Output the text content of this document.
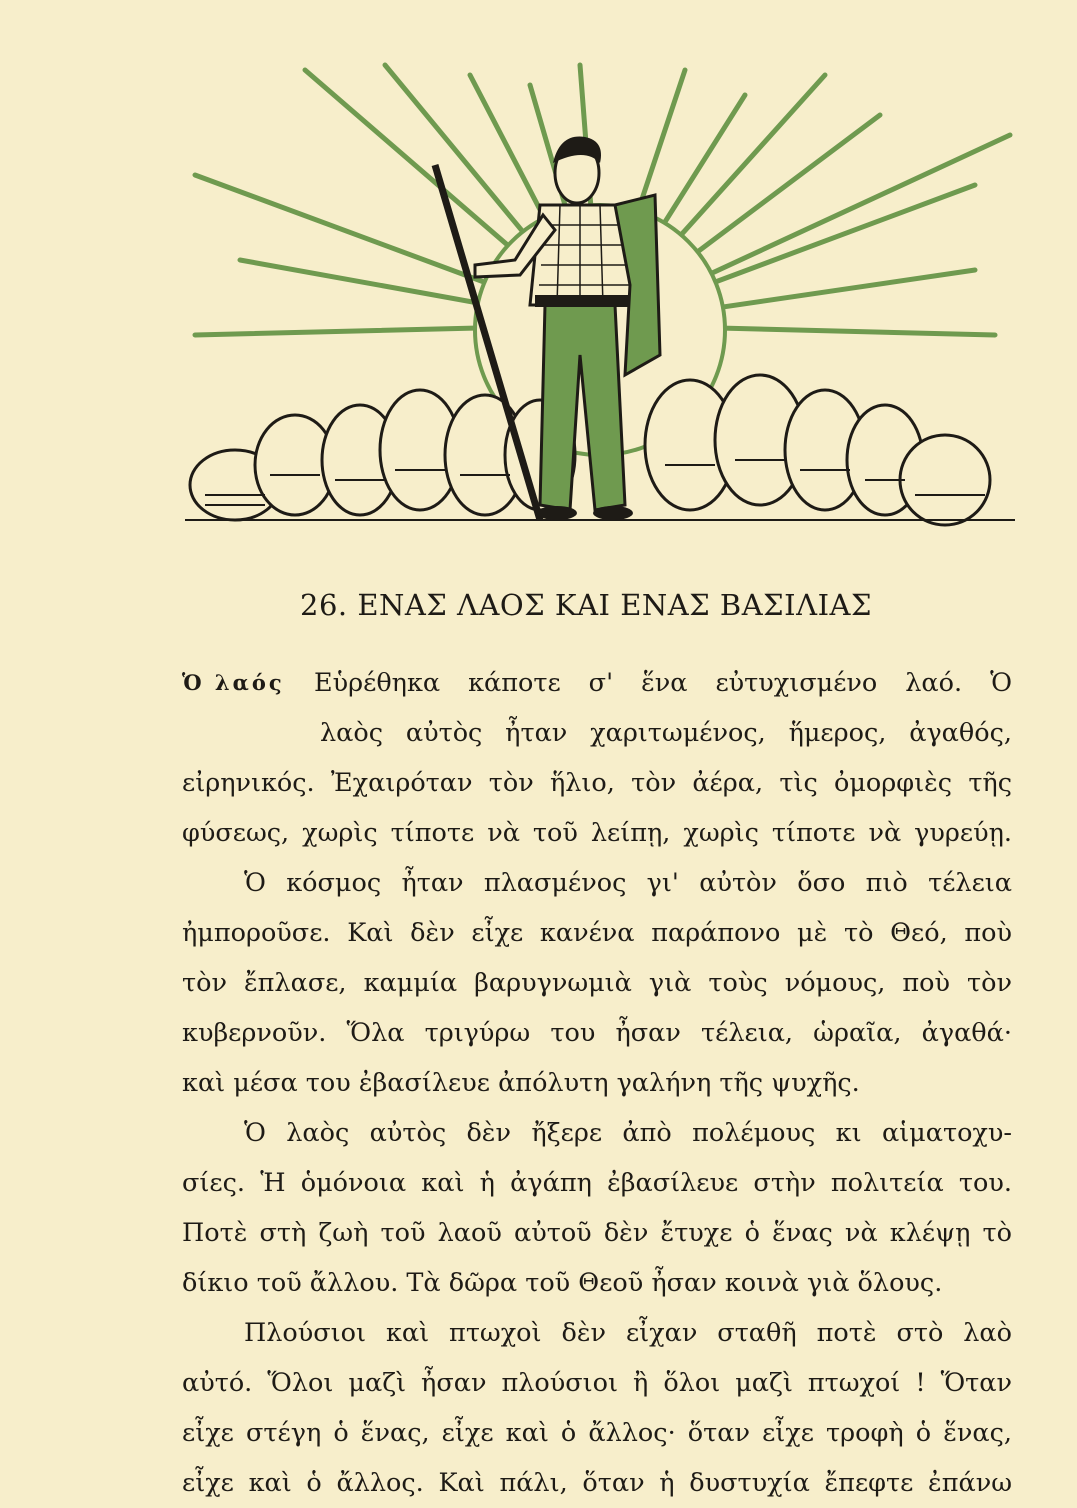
26. ΕΝΑΣ ΛΑΟΣ ΚΑΙ ΕΝΑΣ ΒΑΣΙΛΙΑΣ
Ὁ λαός	Εὑρέθηκα κάποτε σ' ἕνα εὐτυχισμένο λαό. Ὁ
λαὸς αὐτὸς ἦταν χαριτωμένος, ἥμερος, ἀγαθός,
εἰρηνικός. Ἐχαιρόταν τὸν ἥλιο, τὸν ἀέρα, τὶς ὀμορφιὲς τῆς
φύσεως, χωρὶς τίποτε νὰ τοῦ λείπῃ, χωρὶς τίποτε νὰ γυρεύῃ.
Ὁ κόσμος ἦταν πλασμένος γι' αὐτὸν ὅσο πιὸ τέλεια
ἠμποροῦσε. Καὶ δὲν εἶχε κανένα παράπονο μὲ τὸ Θεό, ποὺ
τὸν ἔπλασε, καμμία βαρυγνωμιὰ γιὰ τοὺς νόμους, ποὺ τὸν
κυβερνοῦν. Ὅλα τριγύρω του ἦσαν τέλεια, ὡραῖα, ἀγαθά·
καὶ μέσα του ἐβασίλευε ἀπόλυτη γαλήνη τῆς ψυχῆς.
Ὁ λαὸς αὐτὸς δὲν ἤξερε ἀπὸ πολέμους κι αἱματοχυ-
σίες. Ἡ ὁμόνοια καὶ ἡ ἀγάπη ἐβασίλευε στὴν πολιτεία του.
Ποτὲ στὴ ζωὴ τοῦ λαοῦ αὐτοῦ δὲν ἔτυχε ὁ ἕνας νὰ κλέψῃ τὸ
δίκιο τοῦ ἄλλου. Τὰ δῶρα τοῦ Θεοῦ ἦσαν κοινὰ γιὰ ὅλους.
Πλούσιοι καὶ πτωχοὶ δὲν εἶχαν σταθῆ ποτὲ στὸ λαὸ
αὐτό. Ὅλοι μαζὶ ἦσαν πλούσιοι ἢ ὅλοι μαζὶ πτωχοί ! Ὅταν
εἶχε στέγη ὁ ἕνας, εἶχε καὶ ὁ ἄλλος· ὅταν εἶχε τροφὴ ὁ ἕνας,
εἶχε καὶ ὁ ἄλλος. Καὶ πάλι, ὅταν ἡ δυστυχία ἔπεφτε ἐπάνω
